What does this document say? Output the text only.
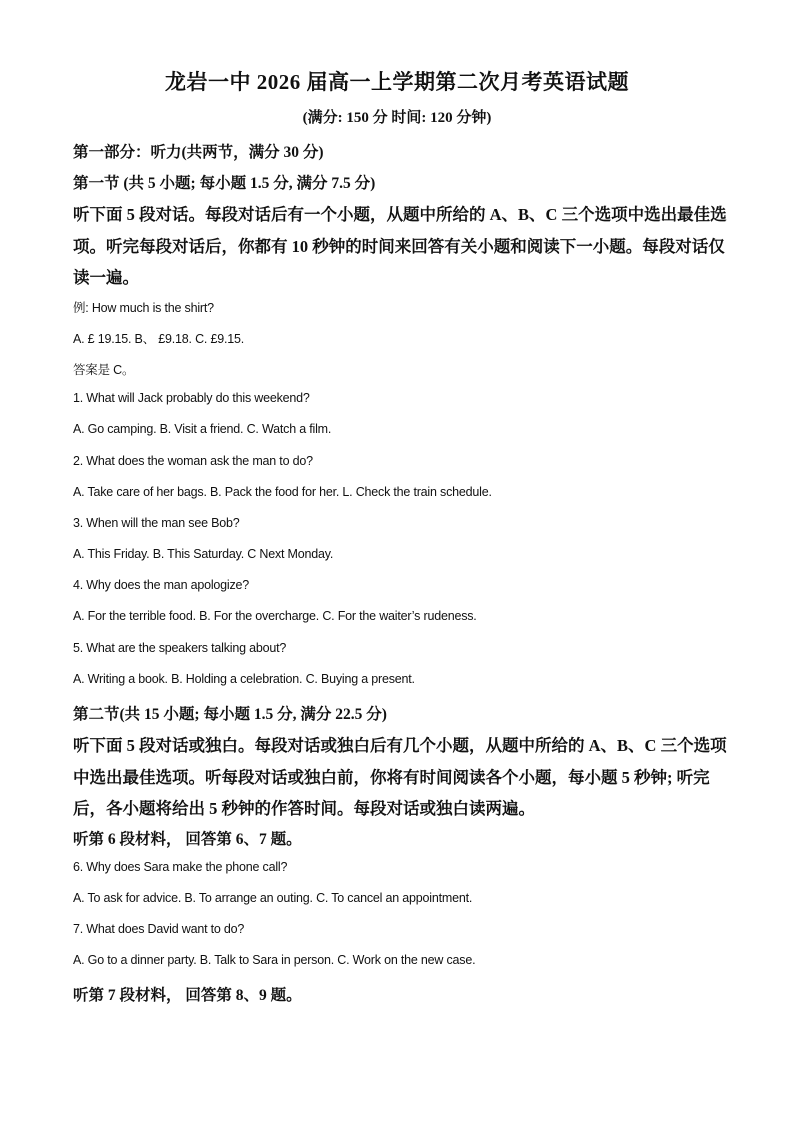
龙岩一中 2026 届高一上学期第二次月考英语试题
(满分: 150 分 时间: 120 分钟)
第一部分：听力(共两节，满分 30 分)
第一节 (共 5 小题; 每小题 1.5 分, 满分 7.5 分)
听下面 5 段对话。每段对话后有一个小题，从题中所给的 A、B、C 三个选项中选出最佳选
项。听完每段对话后，你都有 10 秒钟的时间来回答有关小题和阅读下一小题。每段对话仅
读一遍。
例: How much is the shirt?
A. £ 19.15. B、 £9.18. C. £9.15.
答案是 C。
1. What will Jack probably do this weekend?
A. Go camping. B. Visit a friend. C. Watch a film.
2. What does the woman ask the man to do?
A. Take care of her bags. B. Pack the food for her. L. Check the train schedule.
3. When will the man see Bob?
A. This Friday. B. This Saturday. C Next Monday.
4. Why does the man apologize?
A. For the terrible food. B. For the overcharge. C. For the waiter’s rudeness.
5. What are the speakers talking about?
A. Writing a book. B. Holding a celebration. C. Buying a present.
第二节(共 15 小题; 每小题 1.5 分, 满分 22.5 分)
听下面 5 段对话或独白。每段对话或独白后有几个小题，从题中所给的 A、B、C 三个选项
中选出最佳选项。听每段对话或独白前，你将有时间阅读各个小题，每小题 5 秒钟; 听完
后，各小题将给出 5 秒钟的作答时间。每段对话或独白读两遍。
听第 6 段材料， 回答第 6、7 题。
6. Why does Sara make the phone call?
A. To ask for advice. B. To arrange an outing. C. To cancel an appointment.
7. What does David want to do?
A. Go to a dinner party. B. Talk to Sara in person. C. Work on the new case.
听第 7 段材料， 回答第 8、9 题。
